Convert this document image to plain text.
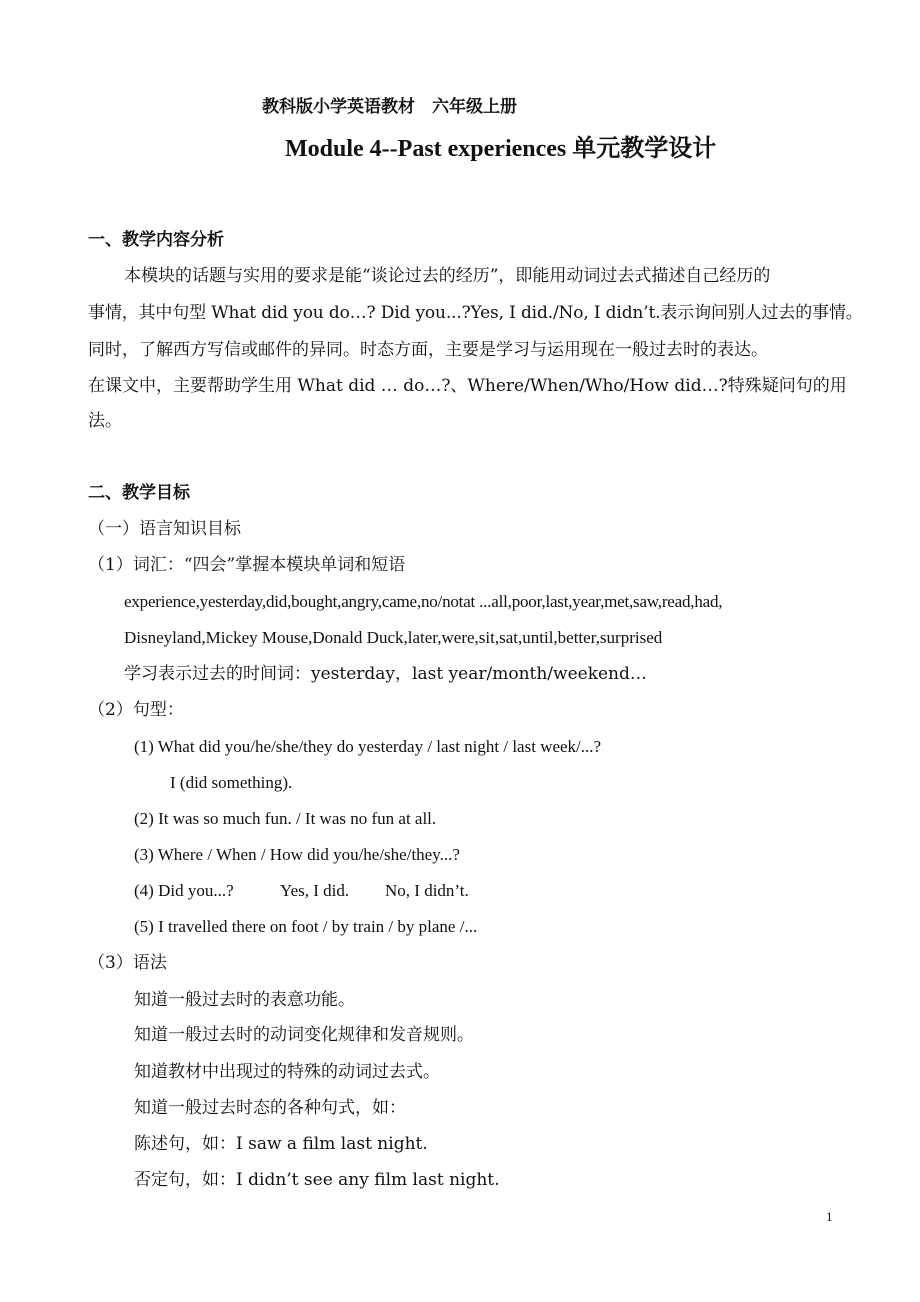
教科版小学英语教材　六年级上册
Module 4--Past experiences 单元教学设计
一、教学内容分析
本模块的话题与实用的要求是能“谈论过去的经历”，即能用动词过去式描述自己经历的
事情，其中句型 What did you do…? Did you...?Yes, I did./No, I didn’t.表示询问别人过去的事情。
同时，了解西方写信或邮件的异同。时态方面，主要是学习与运用现在一般过去时的表达。
在课文中，主要帮助学生用 What did … do…?、Where/When/Who/How did…?特殊疑问句的用
法。
二、教学目标
（一）语言知识目标
（1）词汇：“四会”掌握本模块单词和短语
experience,yesterday,did,bought,angry,came,no/notat ...all,poor,last,year,met,saw,read,had,
Disneyland,Mickey Mouse,Donald Duck,later,were,sit,sat,until,better,surprised
学习表示过去的时间词：yesterday，last year/month/weekend…
（2）句型：
(1) What did you/he/she/they do yesterday / last night / last week/...?
I (did something).
(2) It was so much fun. / It was no fun at all.
(3) Where / When / How did you/he/she/they...?
(4) Did you...?	Yes, I did. No, I didn’t.
(5) I travelled there on foot / by train / by plane /...
（3）语法
知道一般过去时的表意功能。
知道一般过去时的动词变化规律和发音规则。
知道教材中出现过的特殊的动词过去式。
知道一般过去时态的各种句式，如：
陈述句，如：I saw a film last night.
否定句，如：I didn’t see any film last night.
1
